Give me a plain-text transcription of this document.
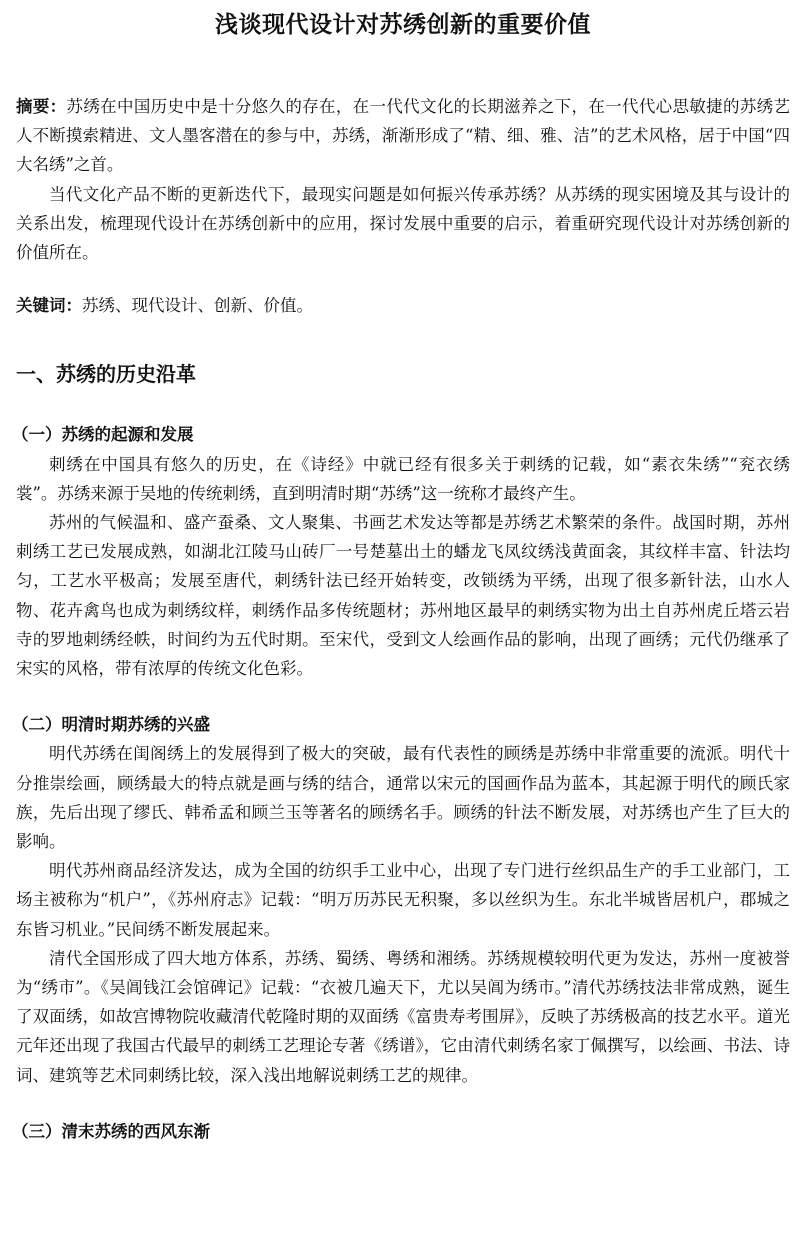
浅谈现代设计对苏绣创新的重要价值

摘要：苏绣在中国历史中是十分悠久的存在，在一代代文化的长期滋养之下，在一代代心思敏捷的苏绣艺人不断摸索精进、文人墨客潜在的参与中，苏绣，渐渐形成了“精、细、雅、洁”的艺术风格，居于中国“四大名绣”之首。

当代文化产品不断的更新迭代下，最现实问题是如何振兴传承苏绣？从苏绣的现实困境及其与设计的关系出发，梳理现代设计在苏绣创新中的应用，探讨发展中重要的启示，着重研究现代设计对苏绣创新的价值所在。

关键词：苏绣、现代设计、创新、价值。

一、苏绣的历史沿革
（一）苏绣的起源和发展

刺绣在中国具有悠久的历史，在《诗经》中就已经有很多关于刺绣的记载，如“素衣朱绣”“兖衣绣裳”。苏绣来源于吴地的传统刺绣，直到明清时期“苏绣”这一统称才最终产生。

苏州的气候温和、盛产蚕桑、文人聚集、书画艺术发达等都是苏绣艺术繁荣的条件。战国时期，苏州刺绣工艺已发展成熟，如湖北江陵马山砖厂一号楚墓出土的蟠龙飞凤纹绣浅黄面衾，其纹样丰富、针法均匀，工艺水平极高；发展至唐代，刺绣针法已经开始转变，改锁绣为平绣，出现了很多新针法，山水人物、花卉禽鸟也成为刺绣纹样，刺绣作品多传统题材；苏州地区最早的刺绣实物为出土自苏州虎丘塔云岩寺的罗地刺绣经帙，时间约为五代时期。至宋代，受到文人绘画作品的影响，出现了画绣；元代仍继承了宋实的风格，带有浓厚的传统文化色彩。

（二）明清时期苏绣的兴盛

明代苏绣在闺阁绣上的发展得到了极大的突破，最有代表性的顾绣是苏绣中非常重要的流派。明代十分推崇绘画，顾绣最大的特点就是画与绣的结合，通常以宋元的国画作品为蓝本，其起源于明代的顾氏家族，先后出现了缪氏、韩希孟和顾兰玉等著名的顾绣名手。顾绣的针法不断发展，对苏绣也产生了巨大的影响。

明代苏州商品经济发达，成为全国的纺织手工业中心，出现了专门进行丝织品生产的手工业部门，工场主被称为“机户”，《苏州府志》记载：“明万历苏民无积聚，多以丝织为生。东北半城皆居机户，郡城之东皆习机业。”民间绣不断发展起来。

清代全国形成了四大地方体系，苏绣、蜀绣、粤绣和湘绣。苏绣规模较明代更为发达，苏州一度被誉为“绣市”。《吴阊钱江会馆碑记》记载：“衣被几遍天下，尤以吴阊为绣市。”清代苏绣技法非常成熟，诞生了双面绣，如故宫博物院收藏清代乾隆时期的双面绣《富贵寿考围屏》，反映了苏绣极高的技艺水平。道光元年还出现了我国古代最早的刺绣工艺理论专著《绣谱》，它由清代刺绣名家丁佩撰写，以绘画、书法、诗词、建筑等艺术同刺绣比较，深入浅出地解说刺绣工艺的规律。

（三）清末苏绣的西风东渐
